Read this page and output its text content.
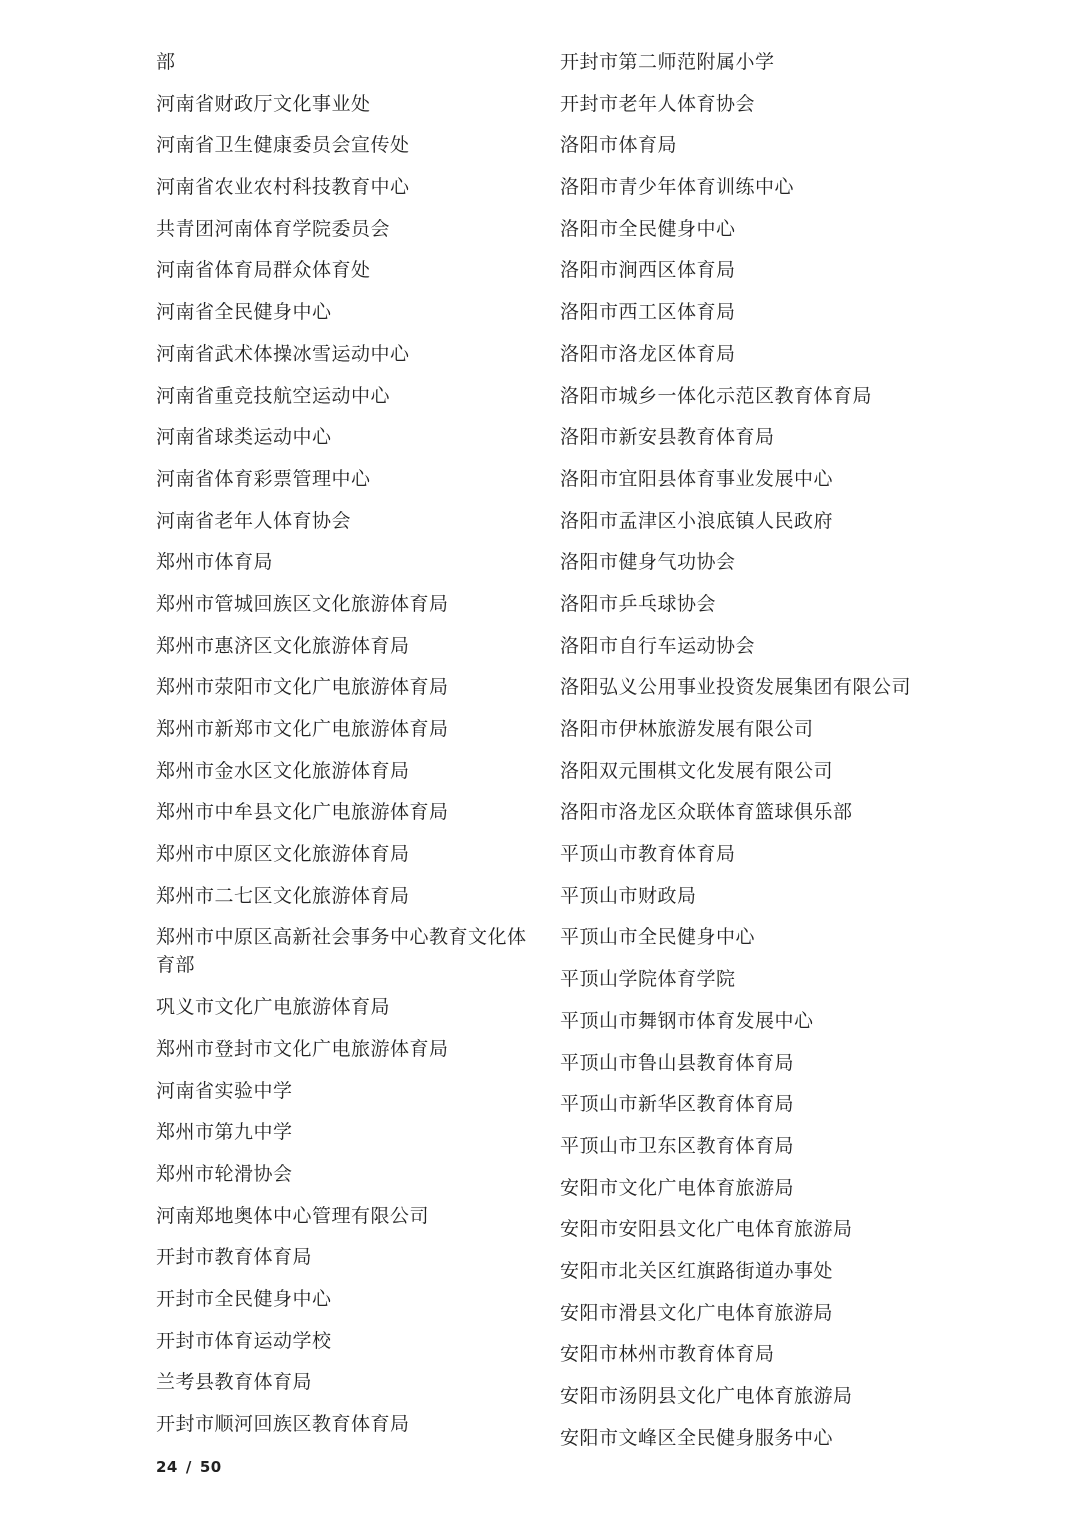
部
河南省财政厅文化事业处
河南省卫生健康委员会宣传处
河南省农业农村科技教育中心
共青团河南体育学院委员会
河南省体育局群众体育处
河南省全民健身中心
河南省武术体操冰雪运动中心
河南省重竞技航空运动中心
河南省球类运动中心
河南省体育彩票管理中心
河南省老年人体育协会
郑州市体育局
郑州市管城回族区文化旅游体育局
郑州市惠济区文化旅游体育局
郑州市荥阳市文化广电旅游体育局
郑州市新郑市文化广电旅游体育局
郑州市金水区文化旅游体育局
郑州市中牟县文化广电旅游体育局
郑州市中原区文化旅游体育局
郑州市二七区文化旅游体育局
郑州市中原区高新社会事务中心教育文化体育部
巩义市文化广电旅游体育局
郑州市登封市文化广电旅游体育局
河南省实验中学
郑州市第九中学
郑州市轮滑协会
河南郑地奥体中心管理有限公司
开封市教育体育局
开封市全民健身中心
开封市体育运动学校
兰考县教育体育局
开封市顺河回族区教育体育局
开封市第二师范附属小学
开封市老年人体育协会
洛阳市体育局
洛阳市青少年体育训练中心
洛阳市全民健身中心
洛阳市涧西区体育局
洛阳市西工区体育局
洛阳市洛龙区体育局
洛阳市城乡一体化示范区教育体育局
洛阳市新安县教育体育局
洛阳市宜阳县体育事业发展中心
洛阳市孟津区小浪底镇人民政府
洛阳市健身气功协会
洛阳市乒乓球协会
洛阳市自行车运动协会
洛阳弘义公用事业投资发展集团有限公司
洛阳市伊林旅游发展有限公司
洛阳双元围棋文化发展有限公司
洛阳市洛龙区众联体育篮球俱乐部
平顶山市教育体育局
平顶山市财政局
平顶山市全民健身中心
平顶山学院体育学院
平顶山市舞钢市体育发展中心
平顶山市鲁山县教育体育局
平顶山市新华区教育体育局
平顶山市卫东区教育体育局
安阳市文化广电体育旅游局
安阳市安阳县文化广电体育旅游局
安阳市北关区红旗路街道办事处
安阳市滑县文化广电体育旅游局
安阳市林州市教育体育局
安阳市汤阴县文化广电体育旅游局
安阳市文峰区全民健身服务中心
24 / 50
